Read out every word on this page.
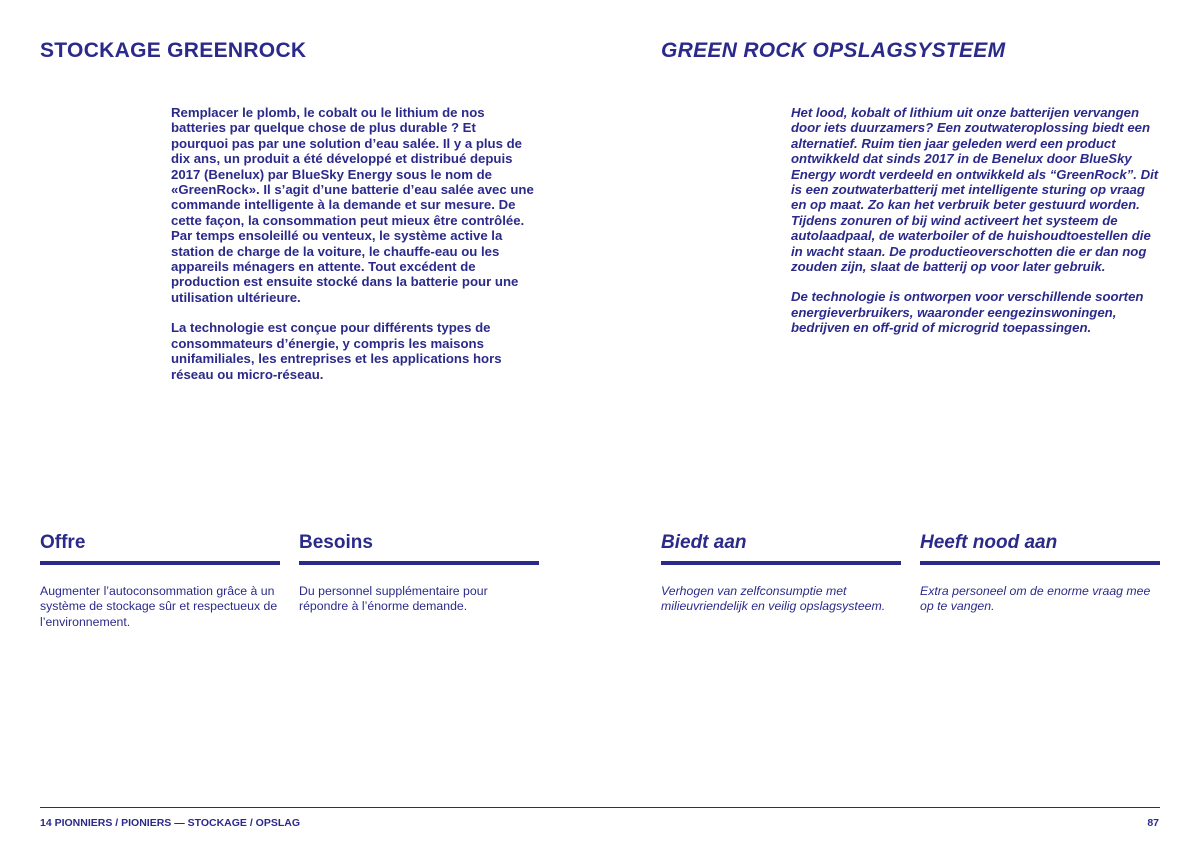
STOCKAGE GREENROCK

Remplacer le plomb, le cobalt ou le lithium de nos batteries par quelque chose de plus durable ? Et pourquoi pas par une solution d’eau salée. Il y a plus de dix ans, un produit a été développé et distribué depuis 2017 (Benelux) par BlueSky Energy sous le nom de «GreenRock». Il s’agit d’une batterie d’eau salée avec une commande intelligente à la demande et sur mesure. De cette façon, la consommation peut mieux être contrôlée. Par temps ensoleillé ou venteux, le système active la station de charge de la voiture, le chauffe-eau ou les appareils ménagers en attente. Tout excédent de production est ensuite stocké dans la batterie pour une utilisation ultérieure.

La technologie est conçue pour différents types de consommateurs d’énergie, y compris les maisons unifamiliales, les entreprises et les applications hors réseau ou micro-réseau.

Offre

Augmenter l’autoconsommation grâce à un système de stockage sûr et respectueux de l’environnement.

Besoins

Du personnel supplémentaire pour répondre à l’énorme demande.

GREEN ROCK OPSLAGSYSTEEM

Het lood, kobalt of lithium uit onze batterijen vervangen door iets duurzamers? Een zoutwateroplossing biedt een alternatief. Ruim tien jaar geleden werd een product ontwikkeld dat sinds 2017 in de Benelux door BlueSky Energy wordt verdeeld en ontwikkeld als “GreenRock”. Dit is een zoutwaterbatterij met intelligente sturing op vraag en op maat. Zo kan het verbruik beter gestuurd worden. Tijdens zonuren of bij wind activeert het systeem de autolaadpaal, de waterboiler of de huishoudtoestellen die in wacht staan. De productieoverschotten die er dan nog zouden zijn, slaat de batterij op voor later gebruik.

De technologie is ontworpen voor verschillende soorten energieverbruikers, waaronder eengezinswoningen, bedrijven en off-grid of microgrid toepassingen.

Biedt aan

Verhogen van zelfconsumptie met milieuvriendelijk en veilig opslagsysteem.

Heeft nood aan

Extra personeel om de enorme vraag mee op te vangen.

14 PIONNIERS / PIONIERS — STOCKAGE / OPSLAG	87
